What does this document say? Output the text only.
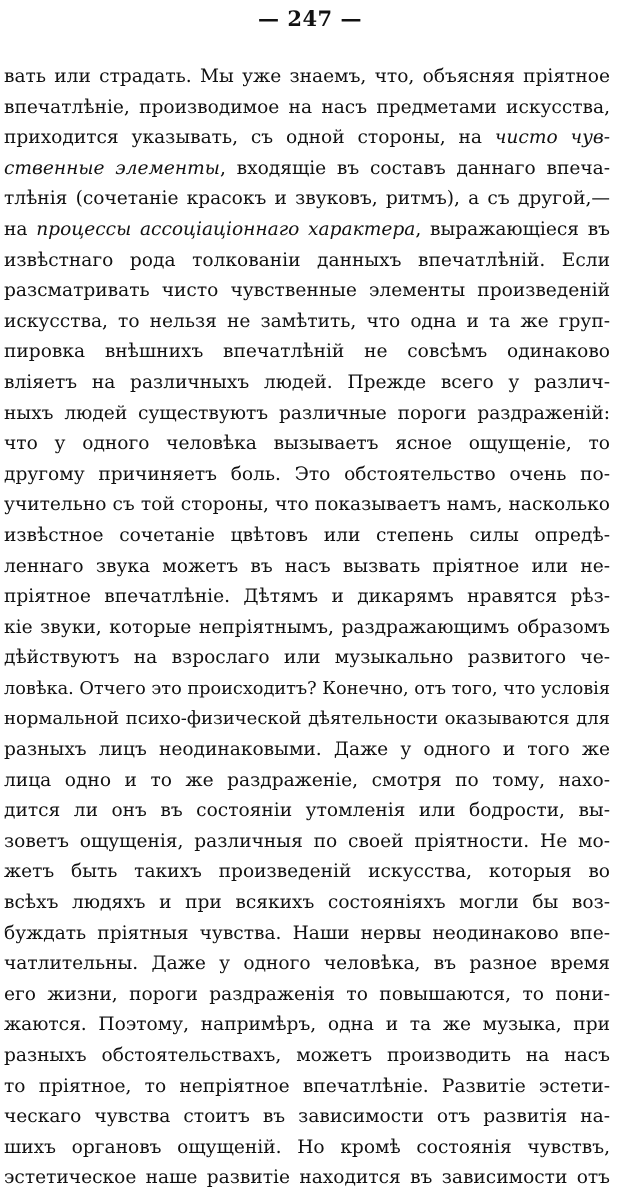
— 247 —
вать или страдать. Мы уже знаемъ, что, объясняя пріятное
впечатлѣніе, производимое на насъ предметами искусства,
приходится указывать, съ одной стороны, на чисто чув-
ственные элементы, входящіе въ составъ даннаго впеча-
тлѣнія (сочетаніе красокъ и звуковъ, ритмъ), а съ другой,—
на процессы ассоціаціоннаго характера, выражающіеся въ
извѣстнаго рода толкованіи данныхъ впечатлѣній. Если
разсматривать чисто чувственные элементы произведеній
искусства, то нельзя не замѣтить, что одна и та же груп-
пировка внѣшнихъ впечатлѣній не совсѣмъ одинаково
вліяетъ на различныхъ людей. Прежде всего у различ-
ныхъ людей существуютъ различные пороги раздраженій:
что у одного человѣка вызываетъ ясное ощущеніе, то
другому причиняетъ боль. Это обстоятельство очень по-
учительно съ той стороны, что показываетъ намъ, насколько
извѣстное сочетаніе цвѣтовъ или степень силы опредѣ-
леннаго звука можетъ въ насъ вызвать пріятное или не-
пріятное впечатлѣніе. Дѣтямъ и дикарямъ нравятся рѣз-
кіе звуки, которые непріятнымъ, раздражающимъ образомъ
дѣйствуютъ на взрослаго или музыкально развитого че-
ловѣка. Отчего это происходитъ? Конечно, отъ того, что условія
нормальной психо-физической дѣятельности оказываются для
разныхъ лицъ неодинаковыми. Даже у одного и того же
лица одно и то же раздраженіе, смотря по тому, нахо-
дится ли онъ въ состояніи утомленія или бодрости, вы-
зоветъ ощущенія, различныя по своей пріятности. Не мо-
жетъ быть такихъ произведеній искусства, которыя во
всѣхъ людяхъ и при всякихъ состояніяхъ могли бы воз-
буждать пріятныя чувства. Наши нервы неодинаково впе-
чатлительны. Даже у одного человѣка, въ разное время
его жизни, пороги раздраженія то повышаются, то пони-
жаются. Поэтому, напримѣръ, одна и та же музыка, при
разныхъ обстоятельствахъ, можетъ производить на насъ
то пріятное, то непріятное впечатлѣніе. Развитіе эстети-
ческаго чувства стоитъ въ зависимости отъ развитія на-
шихъ органовъ ощущеній. Но кромѣ состоянія чувствъ,
эстетическое наше развитіе находится въ зависимости отъ
